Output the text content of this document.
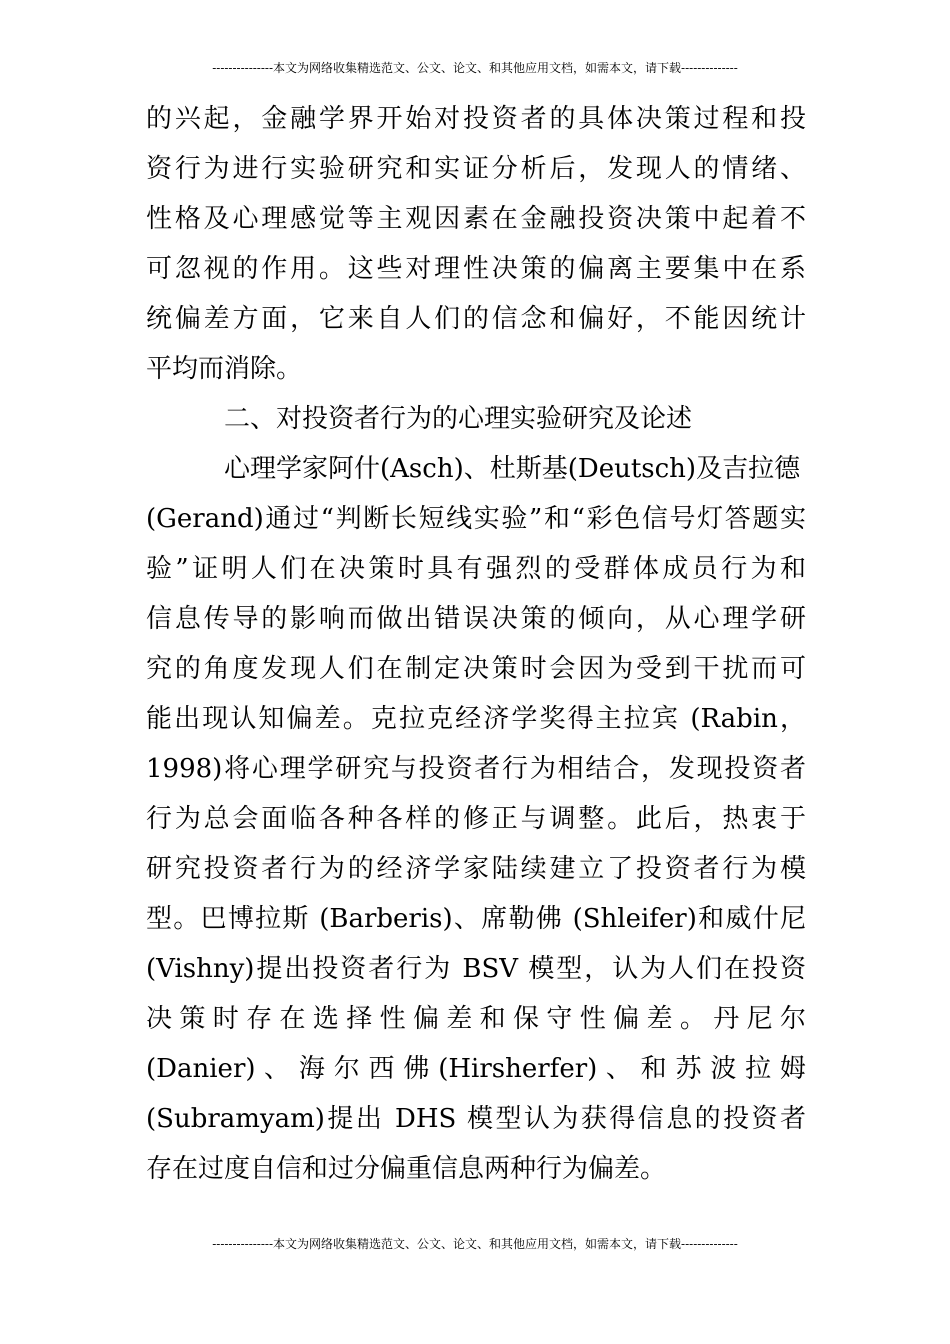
---------------本文为网络收集精选范文、公文、论文、和其他应用文档，如需本文，请下载--------------
的兴起，金融学界开始对投资者的具体决策过程和投
资行为进行实验研究和实证分析后，发现人的情绪、
性格及心理感觉等主观因素在金融投资决策中起着不
可忽视的作用。这些对理性决策的偏离主要集中在系
统偏差方面，它来自人们的信念和偏好，不能因统计
平均而消除。
二、对投资者行为的心理实验研究及论述
心理学家阿什(Asch)、杜斯基(Deutsch)及吉拉德
(Gerand)通过“判断长短线实验”和“彩色信号灯答题实
验”证明人们在决策时具有强烈的受群体成员行为和
信息传导的影响而做出错误决策的倾向，从心理学研
究的角度发现人们在制定决策时会因为受到干扰而可
能出现认知偏差。克拉克经济学奖得主拉宾 (Rabin，
1998)将心理学研究与投资者行为相结合，发现投资者
行为总会面临各种各样的修正与调整。此后，热衷于
研究投资者行为的经济学家陆续建立了投资者行为模
型。巴博拉斯 (Barberis)、席勒佛 (Shleifer)和威什尼
(Vishny)提出投资者行为 BSV 模型，认为人们在投资
决策时存在选择性偏差和保守性偏差。丹尼尔
(Danier) 、 海 尔 西 佛 (Hirsherfer) 、 和 苏 波 拉 姆
(Subramyam)提出 DHS 模型认为获得信息的投资者
存在过度自信和过分偏重信息两种行为偏差。
---------------本文为网络收集精选范文、公文、论文、和其他应用文档，如需本文，请下载--------------
